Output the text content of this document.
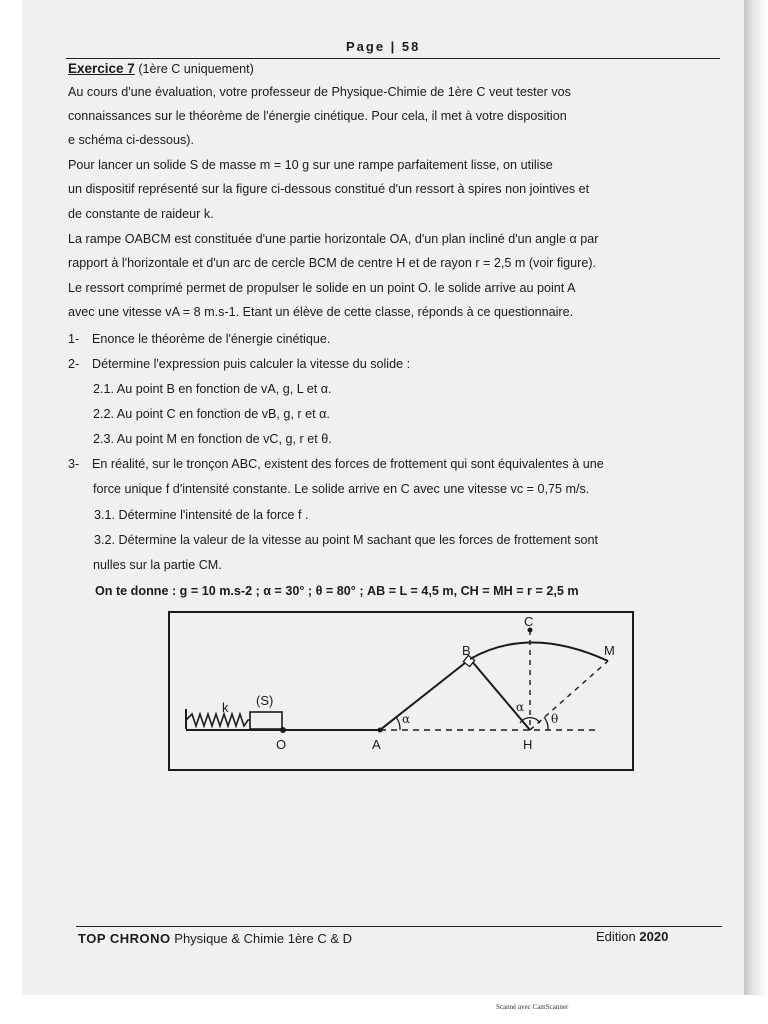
Page | 58
Exercice 7 (1ère C uniquement)
Au cours d'une évaluation, votre professeur de Physique-Chimie de 1ère C veut tester vos
connaissances sur le théorème de l'énergie cinétique. Pour cela, il met à votre disposition
e schéma ci-dessous).
Pour lancer un solide S de masse m = 10 g sur une rampe parfaitement lisse, on utilise
un dispositif représenté sur la figure ci-dessous constitué d'un ressort à spires non jointives et
de constante de raideur k.
La rampe OABCM est constituée d'une partie horizontale OA, d'un plan incliné d'un angle α par
rapport à l'horizontale et d'un arc de cercle BCM de centre H et de rayon r = 2,5 m (voir figure).
Le ressort comprimé permet de propulser le solide en un point O. le solide arrive au point A
avec une vitesse vA = 8 m.s-1. Etant un élève de cette classe, réponds à ce questionnaire.
1- Enonce le théorème de l'énergie cinétique.
2- Détermine l'expression puis calculer la vitesse du solide :
2.1. Au point B en fonction de vA, g, L et α.
2.2. Au point C en fonction de vB, g, r et α.
2.3. Au point M en fonction de vC, g, r et θ.
3- En réalité, sur le tronçon ABC, existent des forces de frottement qui sont équivalentes à une
force unique f d'intensité constante. Le solide arrive en C avec une vitesse vc = 0,75 m/s.
3.1. Détermine l'intensité de la force f .
3.2. Détermine la valeur de la vitesse au point M sachant que les forces de frottement sont
nulles sur la partie CM.
On te donne : g = 10 m.s-2 ; α = 30° ; θ = 80° ; AB = L = 4,5 m, CH = MH = r = 2,5 m
k (S)
O	A
B
C
M
H
α
α
θ
TOP CHRONO Physique & Chimie 1ère C & D	Edition 2020
Scanné avec CamScanner
